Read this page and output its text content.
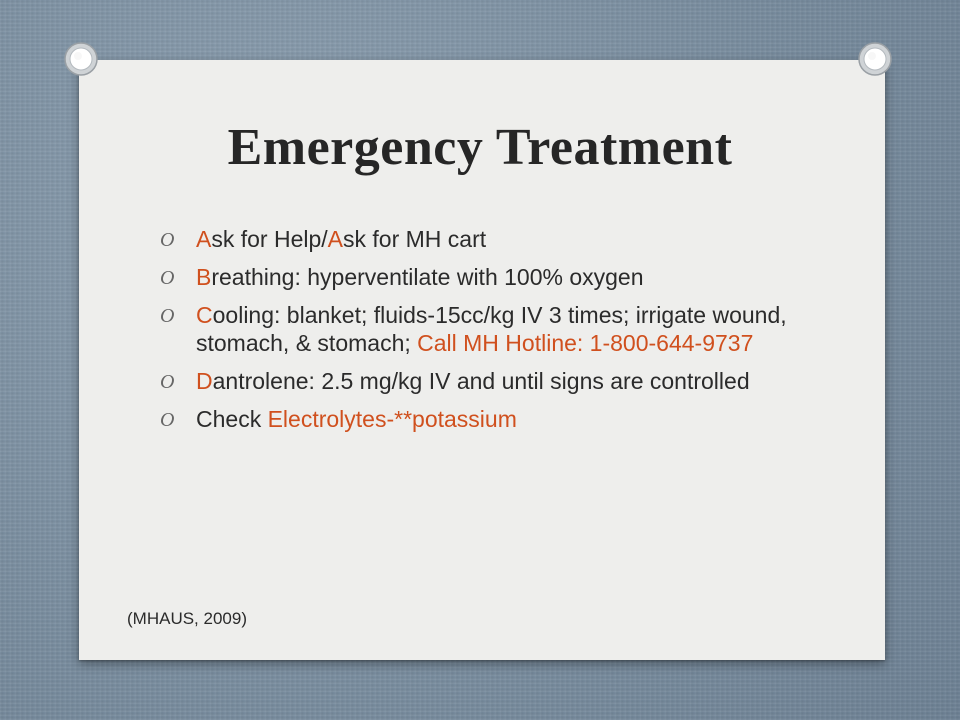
Emergency Treatment
O Ask for Help/Ask for MH cart
O Breathing: hyperventilate with 100% oxygen
O Cooling: blanket; fluids-15cc/kg IV 3 times; irrigate wound, stomach, & stomach; Call MH Hotline: 1-800-644-9737
O Dantrolene: 2.5 mg/kg IV and until signs are controlled
O Check Electrolytes-**potassium

(MHAUS, 2009)
